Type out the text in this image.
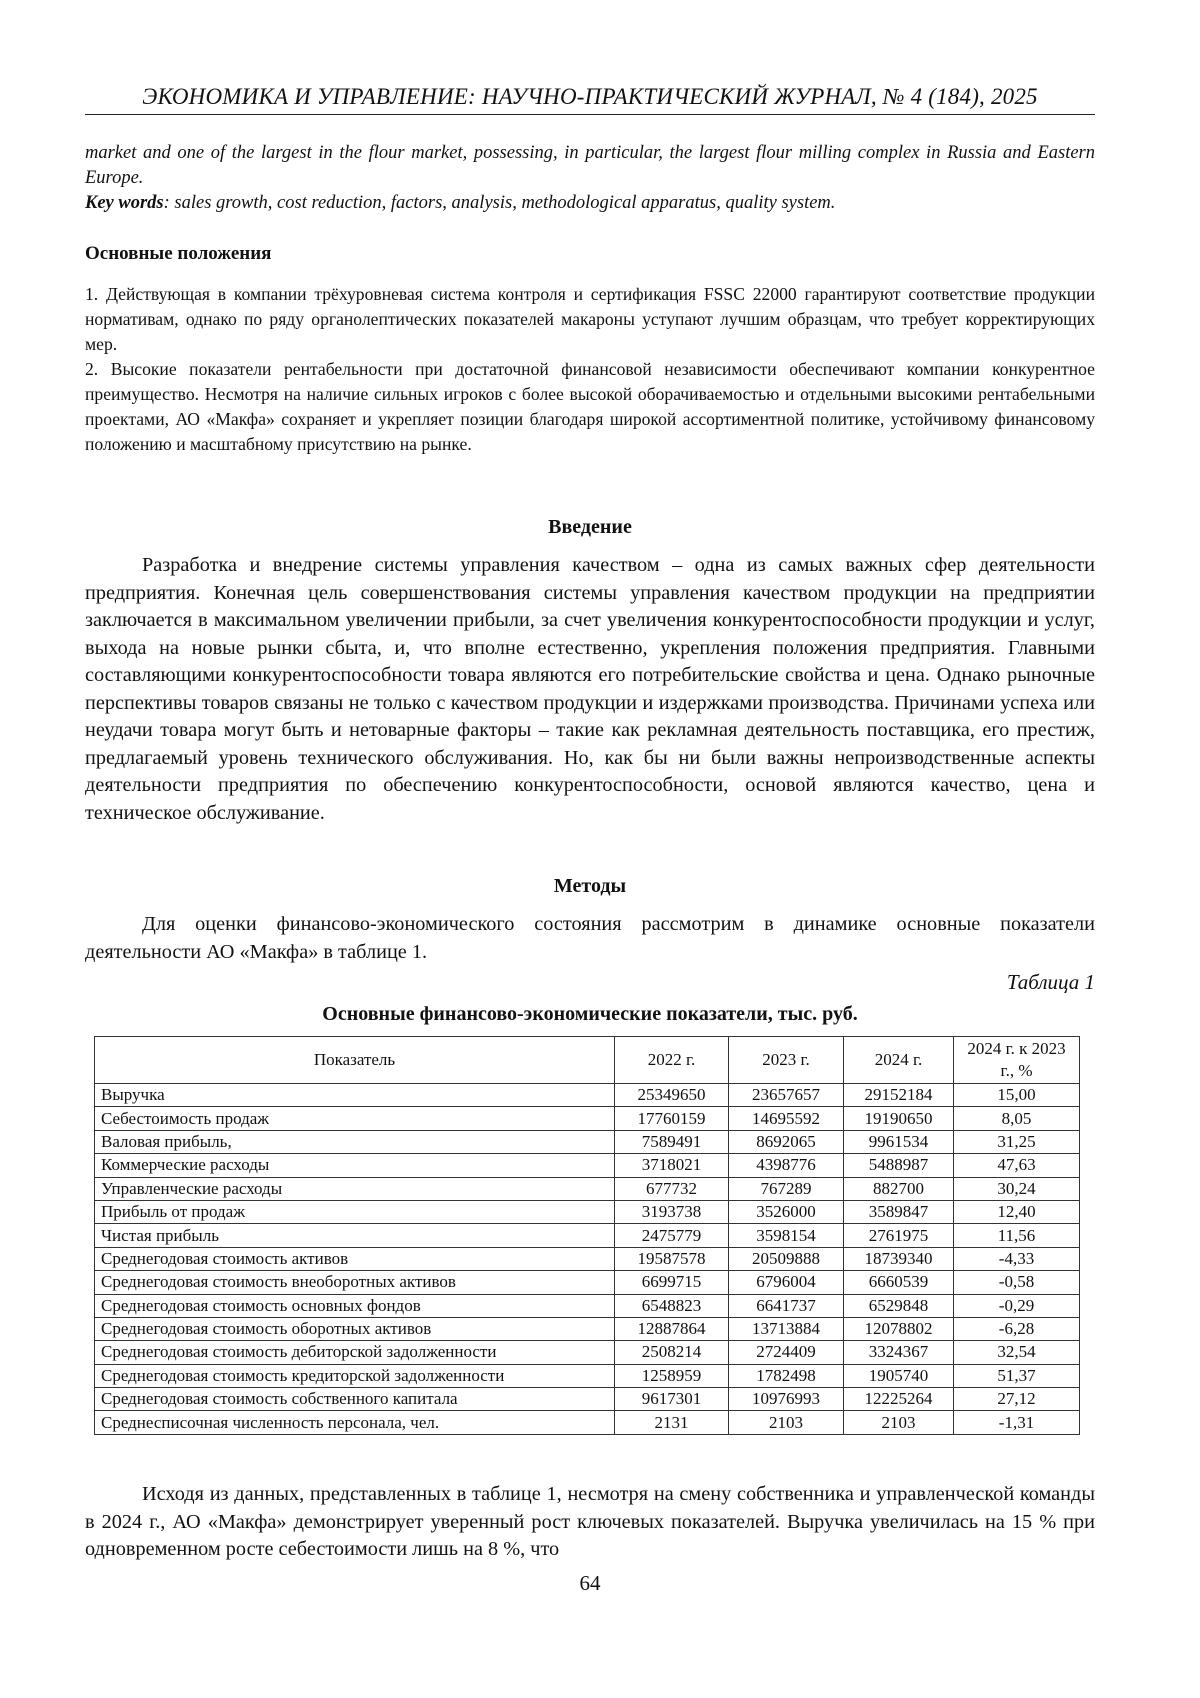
ЭКОНОМИКА И УПРАВЛЕНИЕ: НАУЧНО-ПРАКТИЧЕСКИЙ ЖУРНАЛ, № 4 (184), 2025
market and one of the largest in the flour market, possessing, in particular, the largest flour milling complex in Russia and Eastern Europe.
Key words: sales growth, cost reduction, factors, analysis, methodological apparatus, quality system.
Основные положения

1. Действующая в компании трёхуровневая система контроля и сертификация FSSC 22000 гарантируют соответствие продукции нормативам, однако по ряду органолептических показателей макароны уступают лучшим образцам, что требует корректирующих мер.

2. Высокие показатели рентабельности при достаточной финансовой независимости обеспечивают компании конкурентное преимущество. Несмотря на наличие сильных игроков с более высокой оборачиваемостью и отдельными высокими рентабельными проектами, АО «Макфа» сохраняет и укрепляет позиции благодаря широкой ассортиментной политике, устойчивому финансовому положению и масштабному присутствию на рынке.

Введение

Разработка и внедрение системы управления качеством – одна из самых важных сфер деятельности предприятия. Конечная цель совершенствования системы управления качеством продукции на предприятии заключается в максимальном увеличении прибыли, за счет увеличения конкурентоспособности продукции и услуг, выхода на новые рынки сбыта, и, что вполне естественно, укрепления положения предприятия. Главными составляющими конкурентоспособности товара являются его потребительские свойства и цена. Однако рыночные перспективы товаров связаны не только с качеством продукции и издержками производства. Причинами успеха или неудачи товара могут быть и нетоварные факторы – такие как рекламная деятельность поставщика, его престиж, предлагаемый уровень технического обслуживания. Но, как бы ни были важны непроизводственные аспекты деятельности предприятия по обеспечению конкурентоспособности, основой являются качество, цена и техническое обслуживание.

Методы

Для оценки финансово-экономического состояния рассмотрим в динамике основные показатели деятельности АО «Макфа» в таблице 1.

Таблица 1
Основные финансово-экономические показатели, тыс. руб.
Показатель	2022 г.	2023 г.	2024 г.	2024 г. к 2023 г., %
Выручка	25349650	23657657	29152184	15,00
Себестоимость продаж	17760159	14695592	19190650	8,05
Валовая прибыль,	7589491	8692065	9961534	31,25
Коммерческие расходы	3718021	4398776	5488987	47,63
Управленческие расходы	677732	767289	882700	30,24
Прибыль от продаж	3193738	3526000	3589847	12,40
Чистая прибыль	2475779	3598154	2761975	11,56
Среднегодовая стоимость активов	19587578	20509888	18739340	-4,33
Среднегодовая стоимость внеоборотных активов	6699715	6796004	6660539	-0,58
Среднегодовая стоимость основных фондов	6548823	6641737	6529848	-0,29
Среднегодовая стоимость оборотных активов	12887864	13713884	12078802	-6,28
Среднегодовая стоимость дебиторской задолженности	2508214	2724409	3324367	32,54
Среднегодовая стоимость кредиторской задолженности	1258959	1782498	1905740	51,37
Среднегодовая стоимость собственного капитала	9617301	10976993	12225264	27,12
Среднесписочная численность персонала, чел.	2131	2103	2103	-1,31

Исходя из данных, представленных в таблице 1, несмотря на смену собственника и управленческой команды в 2024 г., АО «Макфа» демонстрирует уверенный рост ключевых показателей. Выручка увеличилась на 15 % при одновременном росте себестоимости лишь на 8 %, что

64
